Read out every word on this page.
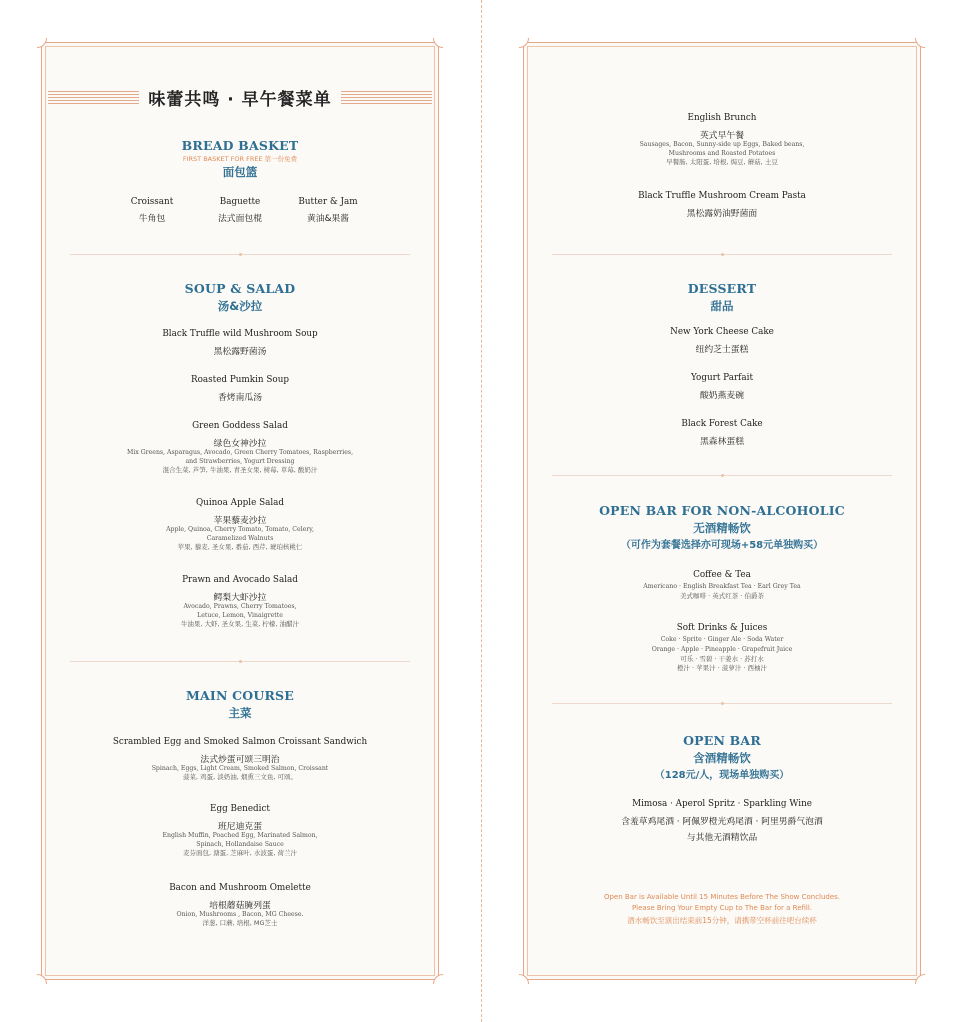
味蕾共鸣 · 早午餐菜单
BREAD BASKET
FIRST BASKET FOR FREE 第一份免费
面包篮
Croissant
牛角包
Baguette
法式面包棍
Butter & Jam
黄油&果酱
SOUP & SALAD
汤&沙拉
Black Truffle wild Mushroom Soup
黑松露野菌汤
Roasted Pumkin Soup
香烤南瓜汤
Green Goddess Salad
绿色女神沙拉
Mix Greens, Asparagus, Avocado, Green Cherry Tomatoes, Raspberries,
and Strawberries, Yogurt Dressing
混合生菜, 芦笋, 牛油果, 青圣女果, 树莓, 草莓, 酸奶汁
Quinoa Apple Salad
苹果藜麦沙拉
Apple, Quinoa, Cherry Tomato, Tomato, Celery,
Caramelized Walnuts
苹果, 藜麦, 圣女果, 番茄, 西芹, 琥珀核桃仁
Prawn and Avocado Salad
鳄梨大虾沙拉
Avocado, Prawns, Cherry Tomatoes,
Letuce, Lemon, Vinaigrette
牛油果, 大虾, 圣女果, 生菜, 柠檬, 油醋汁
MAIN COURSE
主菜
Scrambled Egg and Smoked Salmon Croissant Sandwich
法式炒蛋可颂三明治
Spinach, Eggs, Light Cream, Smoked Salmon, Croissant
菠菜, 鸡蛋, 淡奶油, 烟熏三文鱼, 可颂。
Egg Benedict
班尼迪克蛋
English Muffin, Poached Egg, Marinated Salmon,
Spinach, Hollandaise Sauce
麦芬面包, 溏蛋, 芝麻叶, 水波蛋, 荷兰汁
Bacon and Mushroom Omelette
培根蘑菇腌列蛋
Onion, Mushrooms , Bacon, MG Cheese.
洋葱, 口蘑, 培根, MG芝士
English Brunch
英式早午餐
Sausages, Bacon, Sunny-side up Eggs, Baked beans,
Mushrooms and Roasted Potatoes
早餐肠, 太阳蛋, 培根, 焗豆, 蘑菇, 土豆
Black Truffle Mushroom Cream Pasta
黑松露奶油野菌面
DESSERT
甜品
New York Cheese Cake
纽约芝士蛋糕
Yogurt Parfait
酸奶燕麦碗
Black Forest Cake
黑森林蛋糕
OPEN BAR FOR NON-ALCOHOLIC
无酒精畅饮
（可作为套餐选择亦可现场+58元单独购买）
Coffee & Tea
Americano · English Breakfast Tea · Earl Grey Tea
美式咖啡 · 英式红茶 · 伯爵茶
Soft Drinks & Juices
Coke · Sprite · Ginger Ale · Soda Water
Orange · Apple · Pineapple · Grapefruit Juice
可乐 · 雪碧 · 干姜水 · 苏打水
橙汁 · 苹果汁 · 菠萝汁 · 西柚汁
OPEN BAR
含酒精畅饮
（128元/人，现场单独购买）
Mimosa · Aperol Spritz · Sparkling Wine
含羞草鸡尾酒 · 阿佩罗橙光鸡尾酒 · 阿里男爵气泡酒
与其他无酒精饮品
Open Bar is Available Until 15 Minutes Before The Show Concludes.
Please Bring Your Empty Cup to The Bar for a Refill.
酒水畅饮至演出结束前15分钟，请携带空杯前往吧台续杯
